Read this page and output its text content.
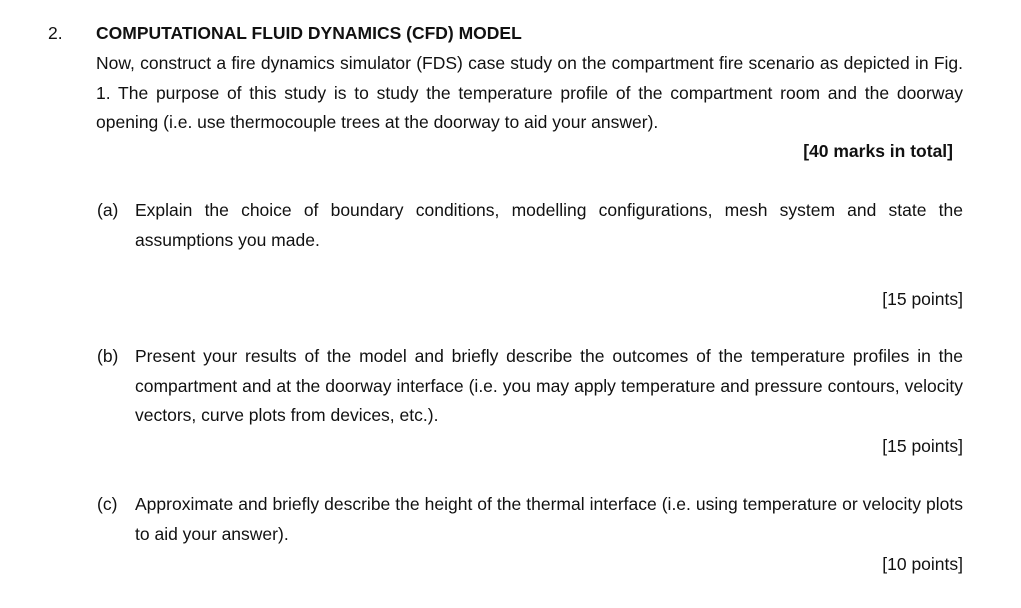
2. COMPUTATIONAL FLUID DYNAMICS (CFD) MODEL

Now, construct a fire dynamics simulator (FDS) case study on the compartment fire scenario as depicted in Fig. 1. The purpose of this study is to study the temperature profile of the compartment room and the doorway opening (i.e. use thermocouple trees at the doorway to aid your answer).

[40 marks in total]
(a) Explain the choice of boundary conditions, modelling configurations, mesh system and state the assumptions you made.

[15 points]
(b) Present your results of the model and briefly describe the outcomes of the temperature profiles in the compartment and at the doorway interface (i.e. you may apply temperature and pressure contours, velocity vectors, curve plots from devices, etc.).

[15 points]
(c) Approximate and briefly describe the height of the thermal interface (i.e. using temperature or velocity plots to aid your answer).

[10 points]
